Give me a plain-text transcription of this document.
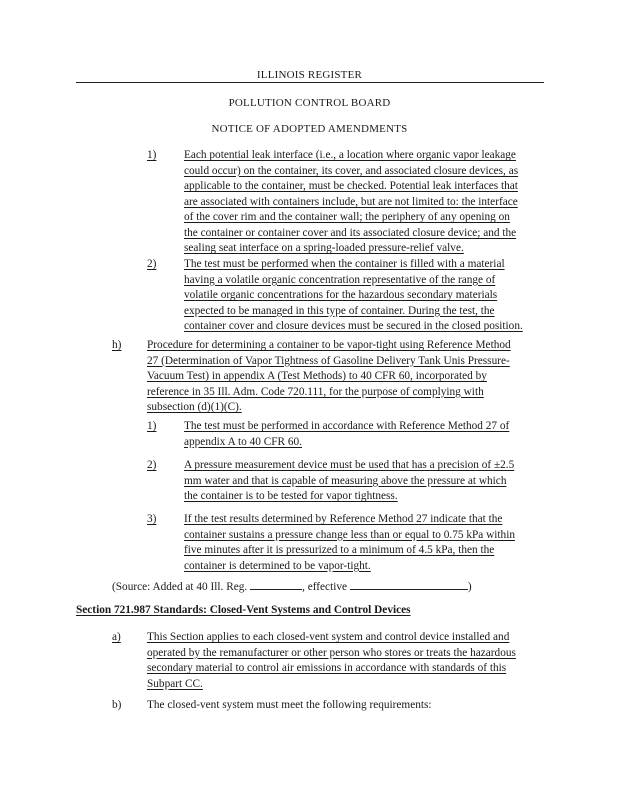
ILLINOIS REGISTER
POLLUTION CONTROL BOARD
NOTICE OF ADOPTED AMENDMENTS
1) Each potential leak interface (i.e., a location where organic vapor leakage
could occur) on the container, its cover, and associated closure devices, as
applicable to the container, must be checked. Potential leak interfaces that
are associated with containers include, but are not limited to: the interface
of the cover rim and the container wall; the periphery of any opening on
the container or container cover and its associated closure device; and the
sealing seat interface on a spring-loaded pressure-relief valve.
2) The test must be performed when the container is filled with a material
having a volatile organic concentration representative of the range of
volatile organic concentrations for the hazardous secondary materials
expected to be managed in this type of container. During the test, the
container cover and closure devices must be secured in the closed position.
h) Procedure for determining a container to be vapor-tight using Reference Method
27 (Determination of Vapor Tightness of Gasoline Delivery Tank Unis Pressure-
Vacuum Test) in appendix A (Test Methods) to 40 CFR 60, incorporated by
reference in 35 Ill. Adm. Code 720.111, for the purpose of complying with
subsection (d)(1)(C).
1) The test must be performed in accordance with Reference Method 27 of
appendix A to 40 CFR 60.
2) A pressure measurement device must be used that has a precision of ±2.5
mm water and that is capable of measuring above the pressure at which
the container is to be tested for vapor tightness.
3) If the test results determined by Reference Method 27 indicate that the
container sustains a pressure change less than or equal to 0.75 kPa within
five minutes after it is pressurized to a minimum of 4.5 kPa, then the
container is determined to be vapor-tight.
(Source: Added at 40 Ill. Reg.	, effective	)
Section 721.987 Standards: Closed-Vent Systems and Control Devices
a) This Section applies to each closed-vent system and control device installed and
operated by the remanufacturer or other person who stores or treats the hazardous
secondary material to control air emissions in accordance with standards of this
Subpart CC.
b) The closed-vent system must meet the following requirements:
